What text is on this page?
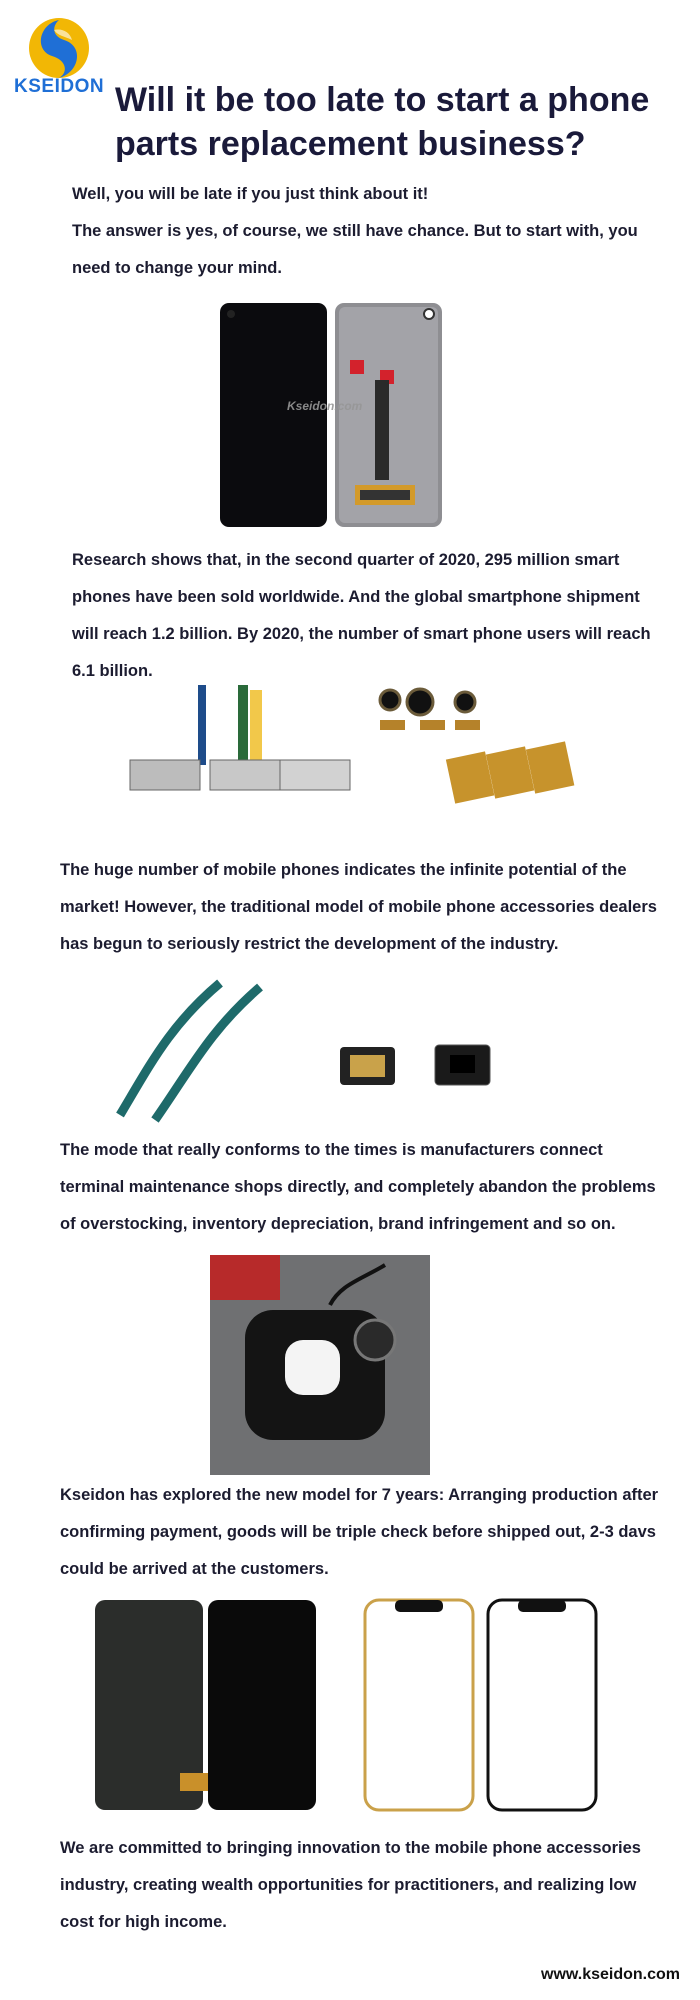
KSEIDON Will it be too late to start a phone parts replacement business?
Well, you will be late if you just think about it!
The answer is yes, of course, we still have chance. But to start with, you need to change your mind.
Kseidon.com
Research shows that, in the second quarter of 2020, 295 million smart phones have been sold worldwide. And the global smartphone shipment will reach 1.2 billion. By 2020, the number of smart phone users will reach 6.1 billion.
The huge number of mobile phones indicates the infinite potential of the market! However, the traditional model of mobile phone accessories dealers has begun to seriously restrict the development of the industry.
The mode that really conforms to the times is manufacturers connect terminal maintenance shops directly, and completely abandon the problems of overstocking, inventory depreciation, brand infringement and so on.
Kseidon has explored the new model for 7 years: Arranging production after confirming payment, goods will be triple check before shipped out, 2-3 davs could be arrived at the customers.
We are committed to bringing innovation to the mobile phone accessories industry, creating wealth opportunities for practitioners, and realizing low cost for high income.
www.kseidon.com
